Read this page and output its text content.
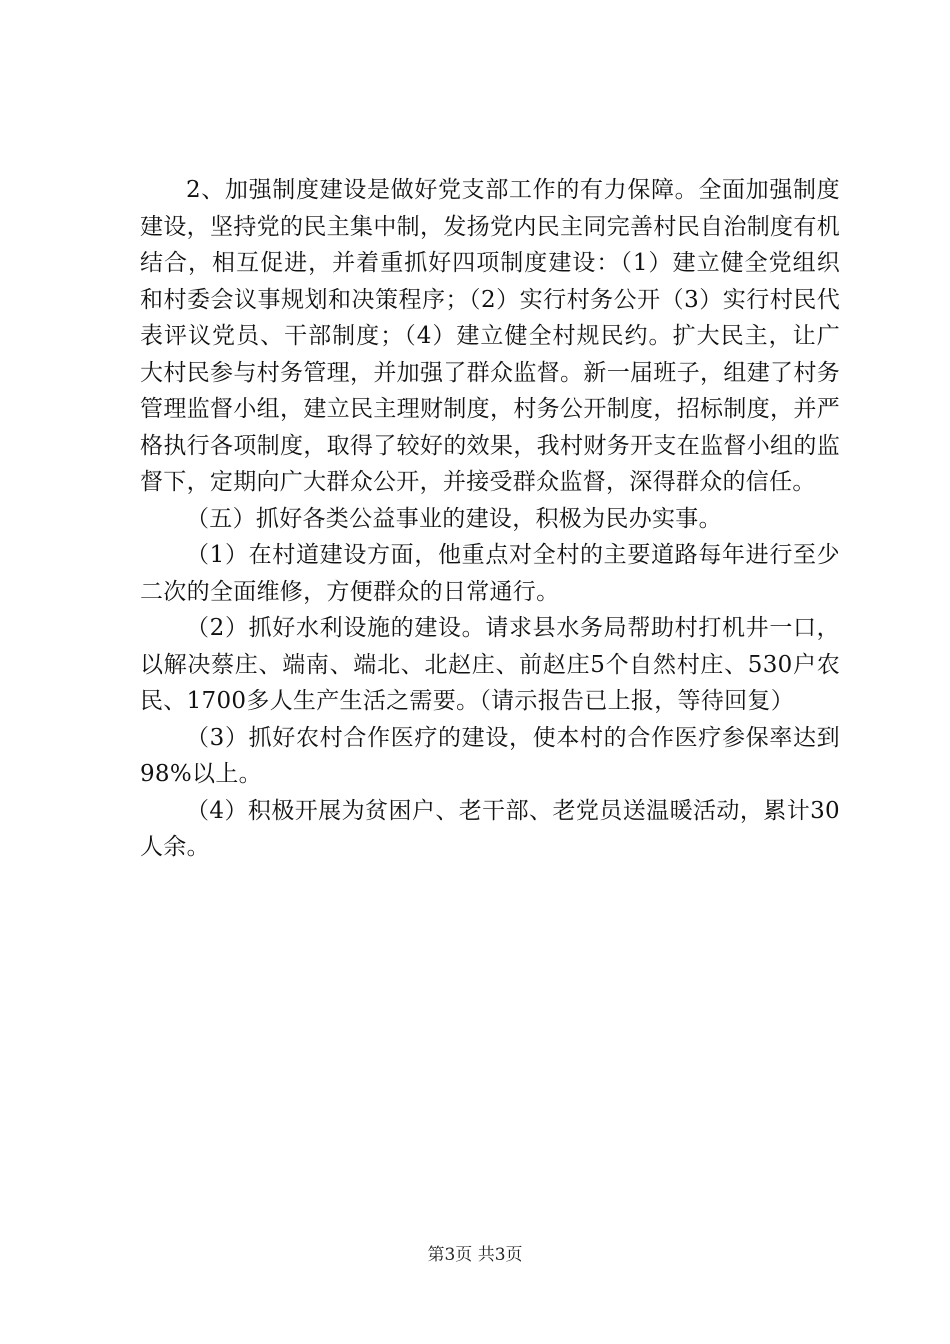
2、加强制度建设是做好党支部工作的有力保障。全面加强制度建设，坚持党的民主集中制，发扬党内民主同完善村民自治制度有机结合，相互促进，并着重抓好四项制度建设：（1）建立健全党组织和村委会议事规划和决策程序；（2）实行村务公开（3）实行村民代表评议党员、干部制度；（4）建立健全村规民约。扩大民主，让广大村民参与村务管理，并加强了群众监督。新一届班子，组建了村务管理监督小组，建立民主理财制度，村务公开制度，招标制度，并严格执行各项制度，取得了较好的效果，我村财务开支在监督小组的监督下，定期向广大群众公开，并接受群众监督，深得群众的信任。

（五）抓好各类公益事业的建设，积极为民办实事。

（1）在村道建设方面，他重点对全村的主要道路每年进行至少二次的全面维修，方便群众的日常通行。

（2）抓好水利设施的建设。请求县水务局帮助村打机井一口，以解决蔡庄、端南、端北、北赵庄、前赵庄5个自然村庄、530户农民、1700多人生产生活之需要。（请示报告已上报，等待回复）

（3）抓好农村合作医疗的建设，使本村的合作医疗参保率达到98%以上。

（4）积极开展为贫困户、老干部、老党员送温暖活动，累计30人余。

第3页 共3页
